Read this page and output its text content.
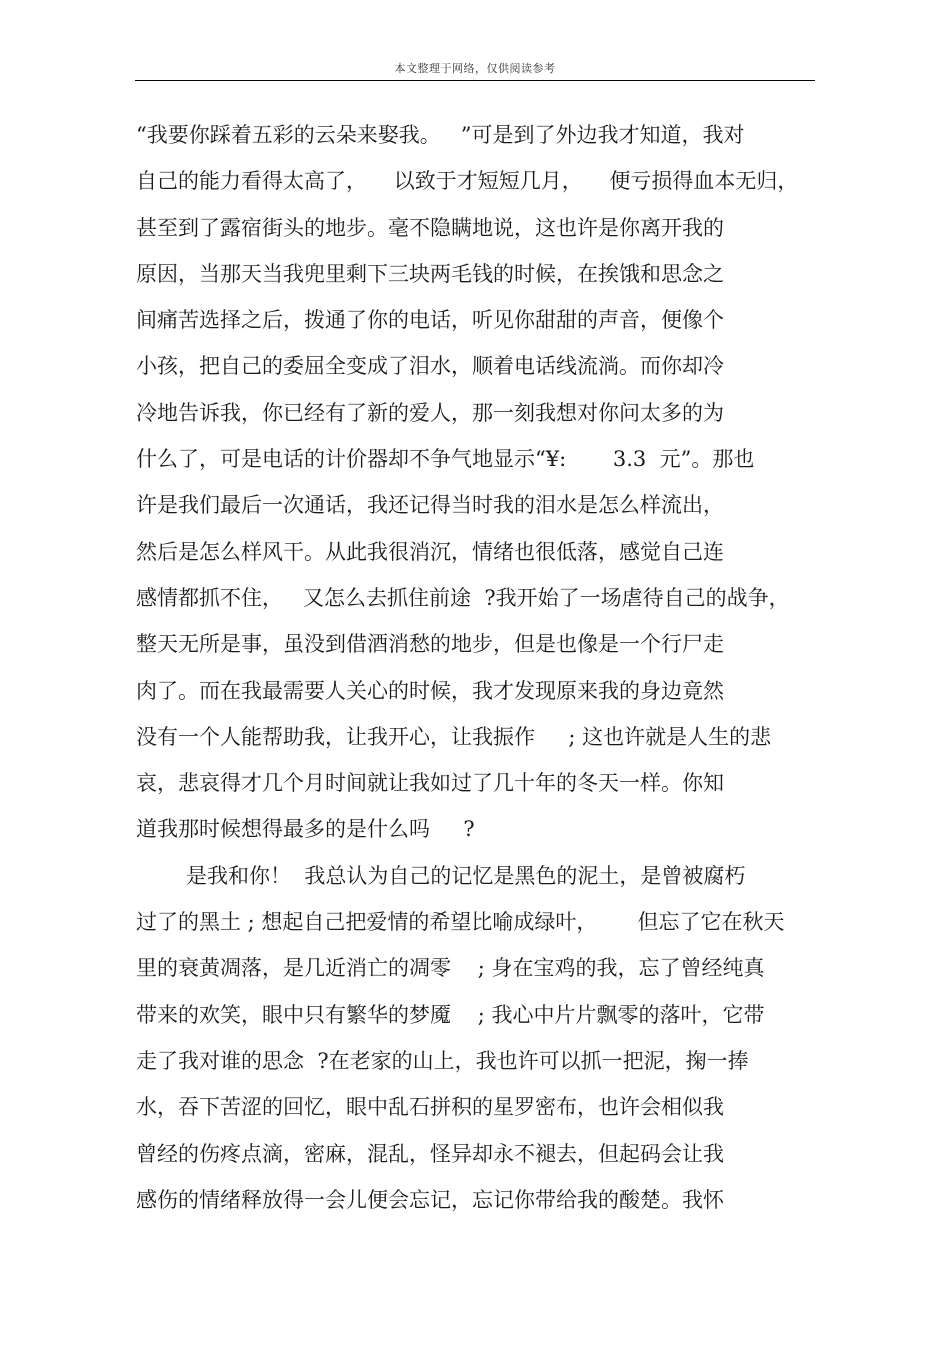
本文整理于网络，仅供阅读参考
“我要你踩着五彩的云朵来娶我。   ”可是到了外边我才知道，我对
自己的能力看得太高了，    以致于才短短几月，    便亏损得血本无归，
甚至到了露宿街头的地步。毫不隐瞒地说，这也许是你离开我的
原因，当那天当我兜里剩下三块两毛钱的时候，在挨饿和思念之
间痛苦选择之后，拨通了你的电话，听见你甜甜的声音，便像个
小孩，把自己的委屈全变成了泪水，顺着电话线流淌。而你却冷
冷地告诉我，你已经有了新的爱人，那一刻我想对你问太多的为
什么了，可是电话的计价器却不争气地显示“¥:       3.3  元”。那也
许是我们最后一次通话，我还记得当时我的泪水是怎么样流出，
然后是怎么样风干。从此我很消沉，情绪也很低落，感觉自己连
感情都抓不住，   又怎么去抓住前途  ?我开始了一场虐待自己的战争，
整天无所是事，虽没到借酒消愁的地步，但是也像是一个行尸走
肉了。而在我最需要人关心的时候，我才发现原来我的身边竟然
没有一个人能帮助我，让我开心，让我振作     ; 这也许就是人生的悲
哀，悲哀得才几个月时间就让我如过了几十年的冬天一样。你知
道我那时候想得最多的是什么吗     ?
是我和你！  我总认为自己的记忆是黑色的泥土，是曾被腐朽
过了的黑土 ; 想起自己把爱情的希望比喻成绿叶，      但忘了它在秋天
里的衰黄凋落，是几近消亡的凋零    ; 身在宝鸡的我，忘了曾经纯真
带来的欢笑，眼中只有繁华的梦魇    ; 我心中片片飘零的落叶，它带
走了我对谁的思念  ?在老家的山上，我也许可以抓一把泥，掬一捧
水，吞下苦涩的回忆，眼中乱石拼积的星罗密布，也许会相似我
曾经的伤疼点滴，密麻，混乱，怪异却永不褪去，但起码会让我
感伤的情绪释放得一会儿便会忘记，忘记你带给我的酸楚。我怀
